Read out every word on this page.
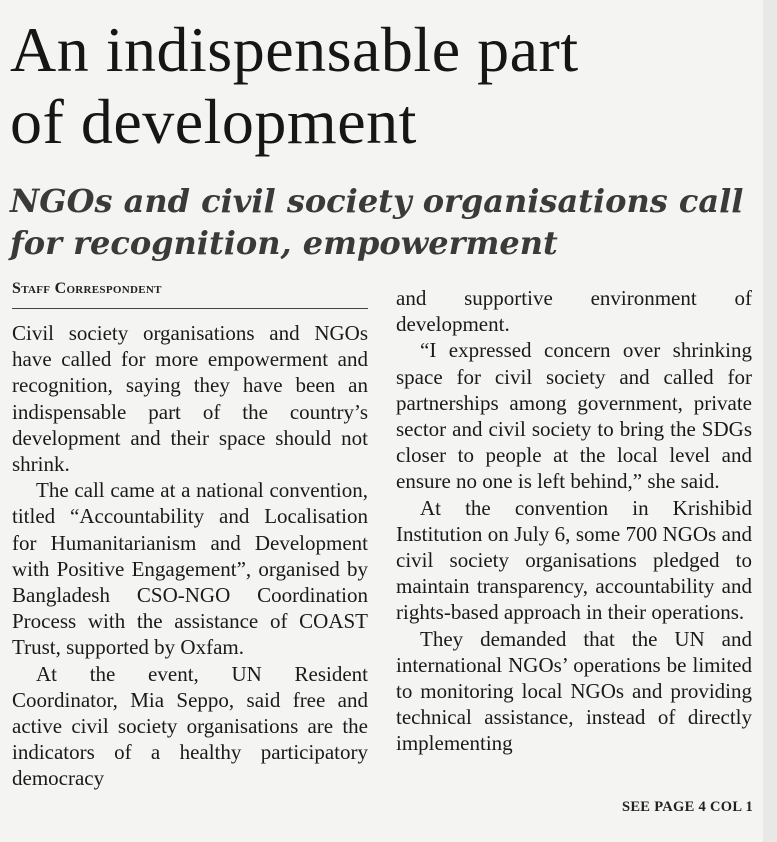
An indispensable part
of development
NGOs and civil society organisations call
for recognition, empowerment
Staff Correspondent

Civil society organisations and NGOs have called for more empowerment and recognition, saying they have been an indispensable part of the country’s development and their space should not shrink.

The call came at a national convention, titled “Accountability and Localisation for Humanitarianism and Development with Positive Engagement”, organised by Bangladesh CSO-NGO Coordination Process with the assistance of COAST Trust, supported by Oxfam.

At the event, UN Resident Coordinator, Mia Seppo, said free and active civil society organisations are the indicators of a healthy participatory democracy

and supportive environment of development.

“I expressed concern over shrinking space for civil society and called for partnerships among government, private sector and civil society to bring the SDGs closer to people at the local level and ensure no one is left behind,” she said.

At the convention in Krishibid Institution on July 6, some 700 NGOs and civil society organisations pledged to maintain transparency, accountability and rights-based approach in their operations.

They demanded that the UN and international NGOs’ operations be limited to monitoring local NGOs and providing technical assistance, instead of directly implementing

SEE PAGE 4 COL 1
